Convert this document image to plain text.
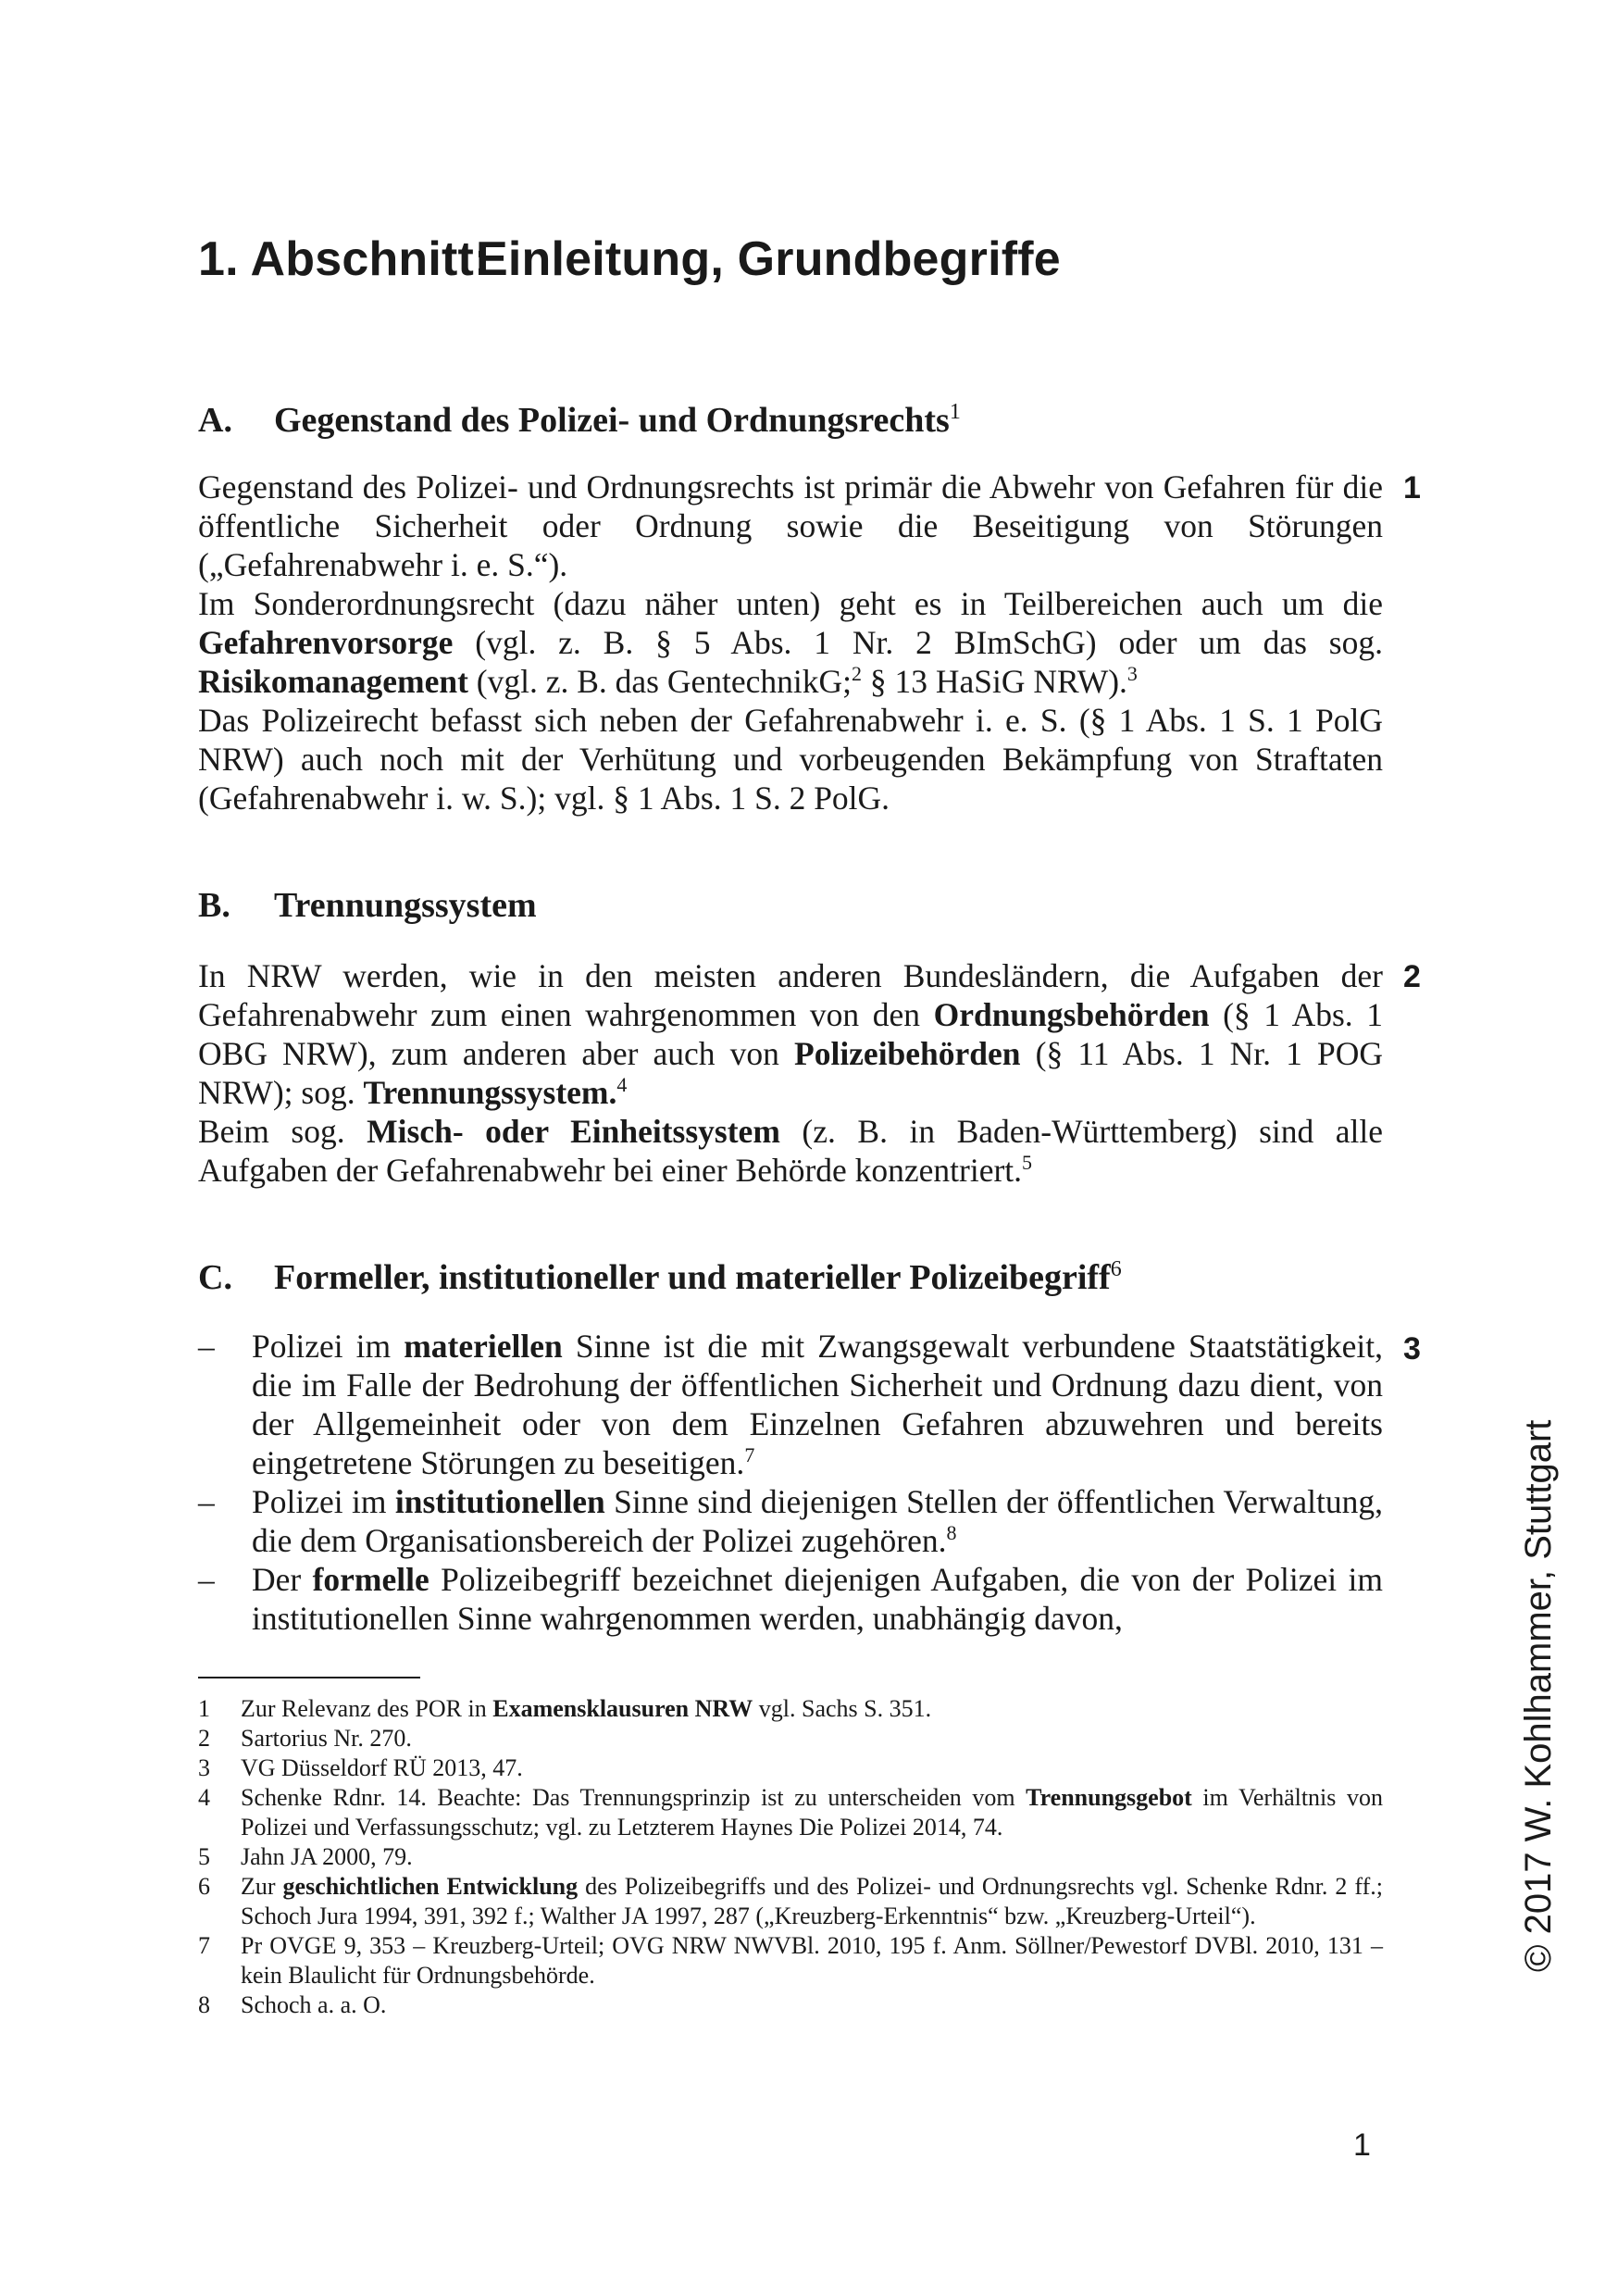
1. Abschnitt:Einleitung, Grundbegriffe
A. Gegenstand des Polizei- und Ordnungsrechts$^1$
1

Gegenstand des Polizei- und Ordnungsrechts ist primär die Abwehr von Gefahren für die öffentliche Sicherheit oder Ordnung sowie die Beseitigung von Störungen („Gefahrenabwehr i. e. S.“).

Im Sonderordnungsrecht (dazu näher unten) geht es in Teilbereichen auch um die Gefahrenvorsorge (vgl. z. B. § 5 Abs. 1 Nr. 2 BImSchG) oder um das sog. Risikomanagement (vgl. z. B. das GentechnikG;$^2$ § 13 HaSiG NRW).$^3$

Das Polizeirecht befasst sich neben der Gefahrenabwehr i. e. S. (§ 1 Abs. 1 S. 1 PolG NRW) auch noch mit der Verhütung und vorbeugenden Bekämpfung von Straftaten (Gefahrenabwehr i. w. S.); vgl. § 1 Abs. 1 S. 2 PolG.

B. Trennungssystem
2

In NRW werden, wie in den meisten anderen Bundesländern, die Aufgaben der Gefahrenabwehr zum einen wahrgenommen von den Ordnungsbehörden (§ 1 Abs. 1 OBG NRW), zum anderen aber auch von Polizeibehörden (§ 11 Abs. 1 Nr. 1 POG NRW); sog. Trennungssystem.$^4$

Beim sog. Misch- oder Einheitssystem (z. B. in Baden-Württemberg) sind alle Aufgaben der Gefahrenabwehr bei einer Behörde konzentriert.$^5$

C. Formeller, institutioneller und materieller Polizeibegriff$^6$
3
– Polizei im materiellen Sinne ist die mit Zwangsgewalt verbundene Staatstätigkeit, die im Falle der Bedrohung der öffentlichen Sicherheit und Ordnung dazu dient, von der Allgemeinheit oder von dem Einzelnen Gefahren abzuwehren und bereits eingetretene Störungen zu beseitigen.$^7$
– Polizei im institutionellen Sinne sind diejenigen Stellen der öffentlichen Verwaltung, die dem Organisationsbereich der Polizei zugehören.$^8$
– Der formelle Polizeibegriff bezeichnet diejenigen Aufgaben, die von der Polizei im institutionellen Sinne wahrgenommen werden, unabhängig davon,
1 Zur Relevanz des POR in Examensklausuren NRW vgl. Sachs S. 351.
2 Sartorius Nr. 270.
3 VG Düsseldorf RÜ 2013, 47.
4 Schenke Rdnr. 14. Beachte: Das Trennungsprinzip ist zu unterscheiden vom Trennungsgebot im Verhältnis von Polizei und Verfassungsschutz; vgl. zu Letzterem Haynes Die Polizei 2014, 74.
5 Jahn JA 2000, 79.
6 Zur geschichtlichen Entwicklung des Polizeibegriffs und des Polizei- und Ordnungsrechts vgl. Schenke Rdnr. 2 ff.; Schoch Jura 1994, 391, 392 f.; Walther JA 1997, 287 („Kreuzberg-Erkenntnis“ bzw. „Kreuzberg-Urteil“).
7 Pr OVGE 9, 353 – Kreuzberg-Urteil; OVG NRW NWVBl. 2010, 195 f. Anm. Söllner/Pewestorf DVBl. 2010, 131 – kein Blaulicht für Ordnungsbehörde.
8 Schoch a. a. O.
© 2017 W. Kohlhammer, Stuttgart
1
